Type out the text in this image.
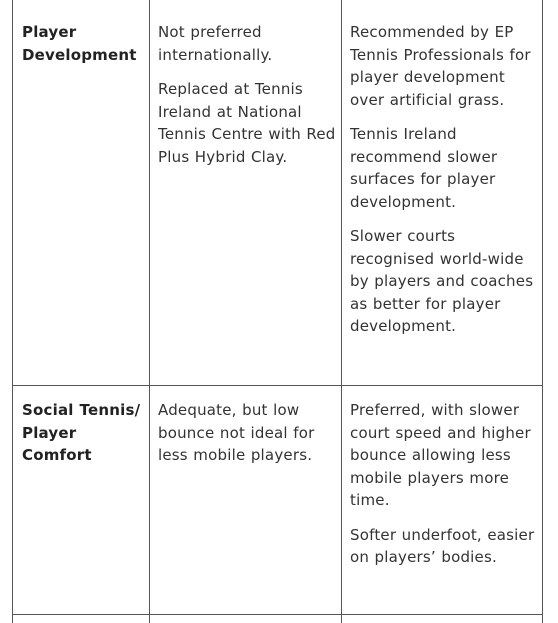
Player
Development

Not preferred
internationally.

Replaced at Tennis
Ireland at National
Tennis Centre with Red
Plus Hybrid Clay.

Recommended by EP
Tennis Professionals for
player development
over artificial grass.

Tennis Ireland
recommend slower
surfaces for player
development.

Slower courts
recognised world-wide
by players and coaches
as better for player
development.

Social Tennis/
Player
Comfort

Adequate, but low
bounce not ideal for
less mobile players.

Preferred, with slower
court speed and higher
bounce allowing less
mobile players more
time.

Softer underfoot, easier
on players’ bodies.
